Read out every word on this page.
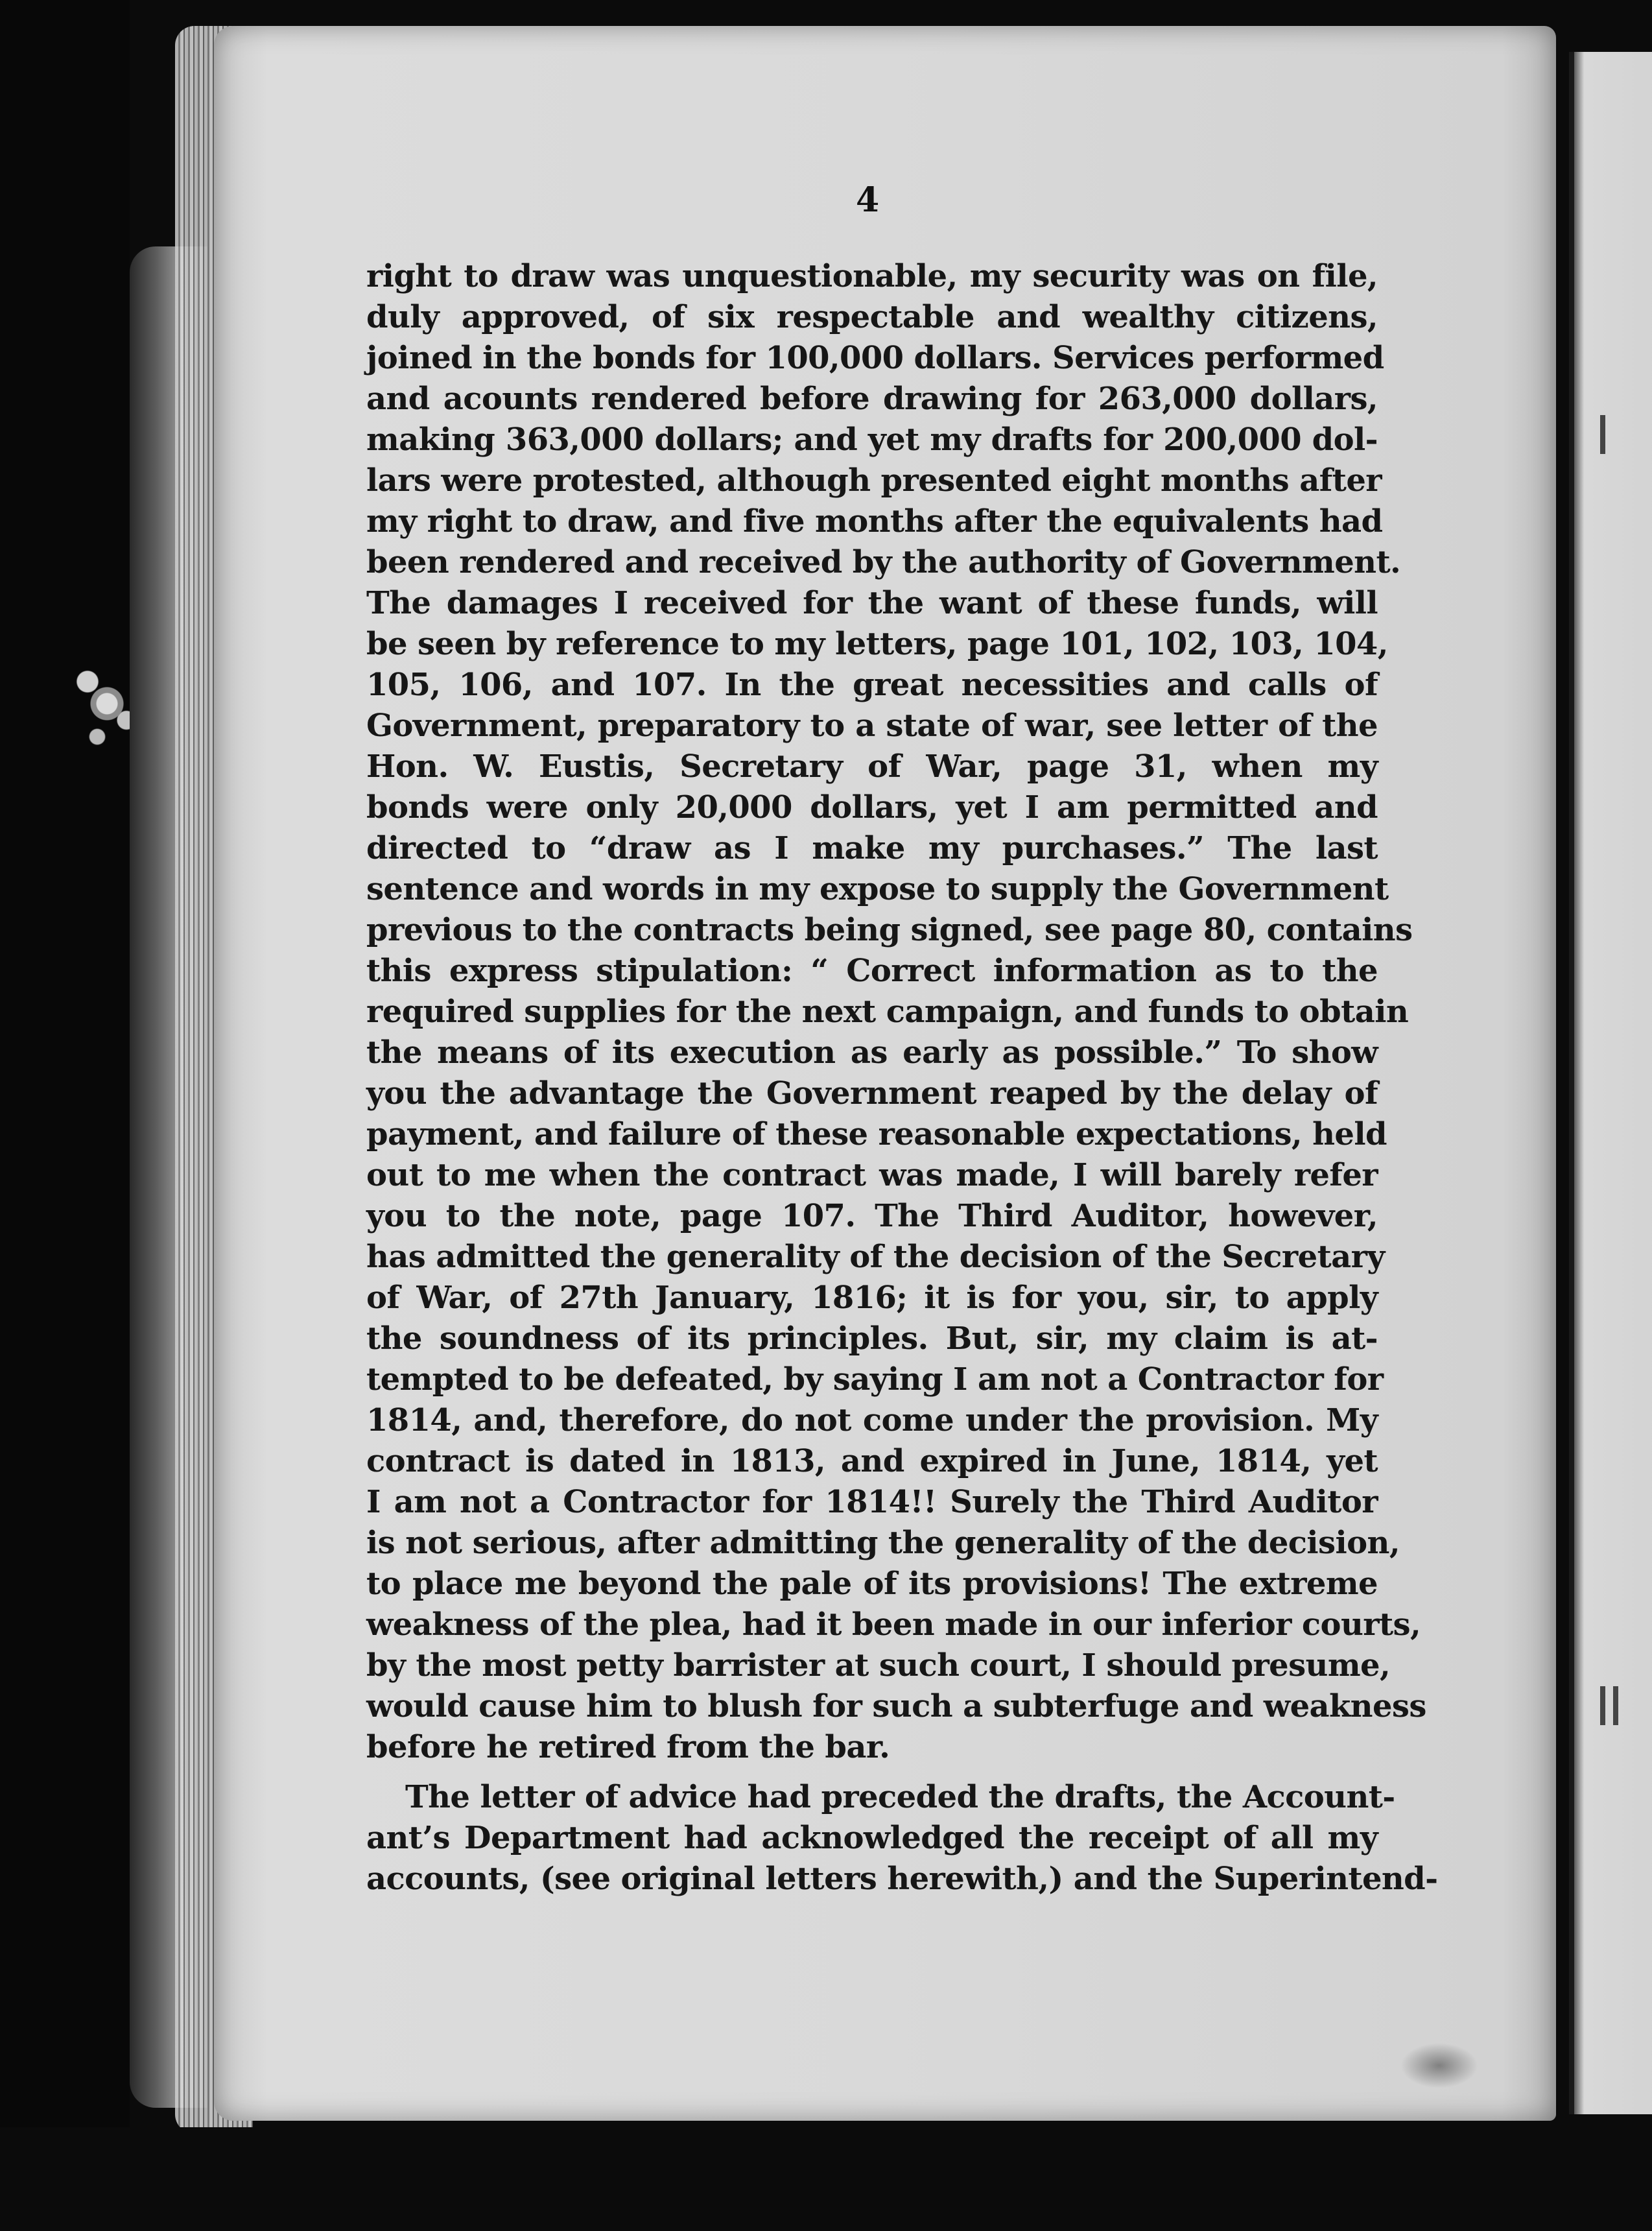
4
right to draw was unquestionable, my security was on file,
duly approved, of six respectable and wealthy citizens,
joined in the bonds for 100,000 dollars. Services performed
and acounts rendered before drawing for 263,000 dollars,
making 363,000 dollars; and yet my drafts for 200,000 dol-
lars were protested, although presented eight months after
my right to draw, and five months after the equivalents had
been rendered and received by the authority of Government.
The damages I received for the want of these funds, will
be seen by reference to my letters, page 101, 102, 103, 104,
105, 106, and 107. In the great necessities and calls of
Government, preparatory to a state of war, see letter of the
Hon. W. Eustis, Secretary of War, page 31, when my
bonds were only 20,000 dollars, yet I am permitted and
directed to “draw as I make my purchases.” The last
sentence and words in my expose to supply the Government
previous to the contracts being signed, see page 80, contains
this express stipulation: “ Correct information as to the
required supplies for the next campaign, and funds to obtain
the means of its execution as early as possible.” To show
you the advantage the Government reaped by the delay of
payment, and failure of these reasonable expectations, held
out to me when the contract was made, I will barely refer
you to the note, page 107. The Third Auditor, however,
has admitted the generality of the decision of the Secretary
of War, of 27th January, 1816; it is for you, sir, to apply
the soundness of its principles. But, sir, my claim is at-
tempted to be defeated, by saying I am not a Contractor for
1814, and, therefore, do not come under the provision. My
contract is dated in 1813, and expired in June, 1814, yet
I am not a Contractor for 1814!! Surely the Third Auditor
is not serious, after admitting the generality of the decision,
to place me beyond the pale of its provisions! The extreme
weakness of the plea, had it been made in our inferior courts,
by the most petty barrister at such court, I should presume,
would cause him to blush for such a subterfuge and weakness
before he retired from the bar.
The letter of advice had preceded the drafts, the Account-
ant’s Department had acknowledged the receipt of all my
accounts, (see original letters herewith,) and the Superintend-
